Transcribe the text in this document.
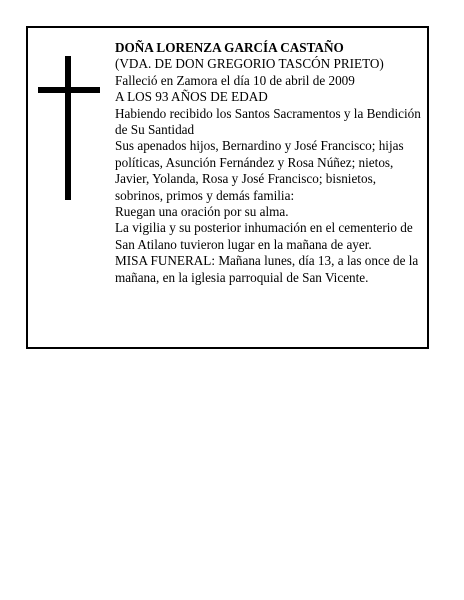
DOÑA LORENZA GARCÍA CASTAÑO

(VDA. DE DON GREGORIO TASCÓN PRIETO)

Falleció en Zamora el día 10 de abril de 2009

A LOS 93 AÑOS DE EDAD

Habiendo recibido los Santos Sacramentos y la Bendición de Su Santidad

Sus apenados hijos, Bernardino y José Francisco; hijas políticas, Asunción Fernández y Rosa Núñez; nietos, Javier, Yolanda, Rosa y José Francisco; bisnietos, sobrinos, primos y demás familia:

Ruegan una oración por su alma.

La vigilia y su posterior inhumación en el cementerio de San Atilano tuvieron lugar en la mañana de ayer.

MISA FUNERAL: Mañana lunes, día 13, a las once de la mañana, en la iglesia parroquial de San Vicente.
